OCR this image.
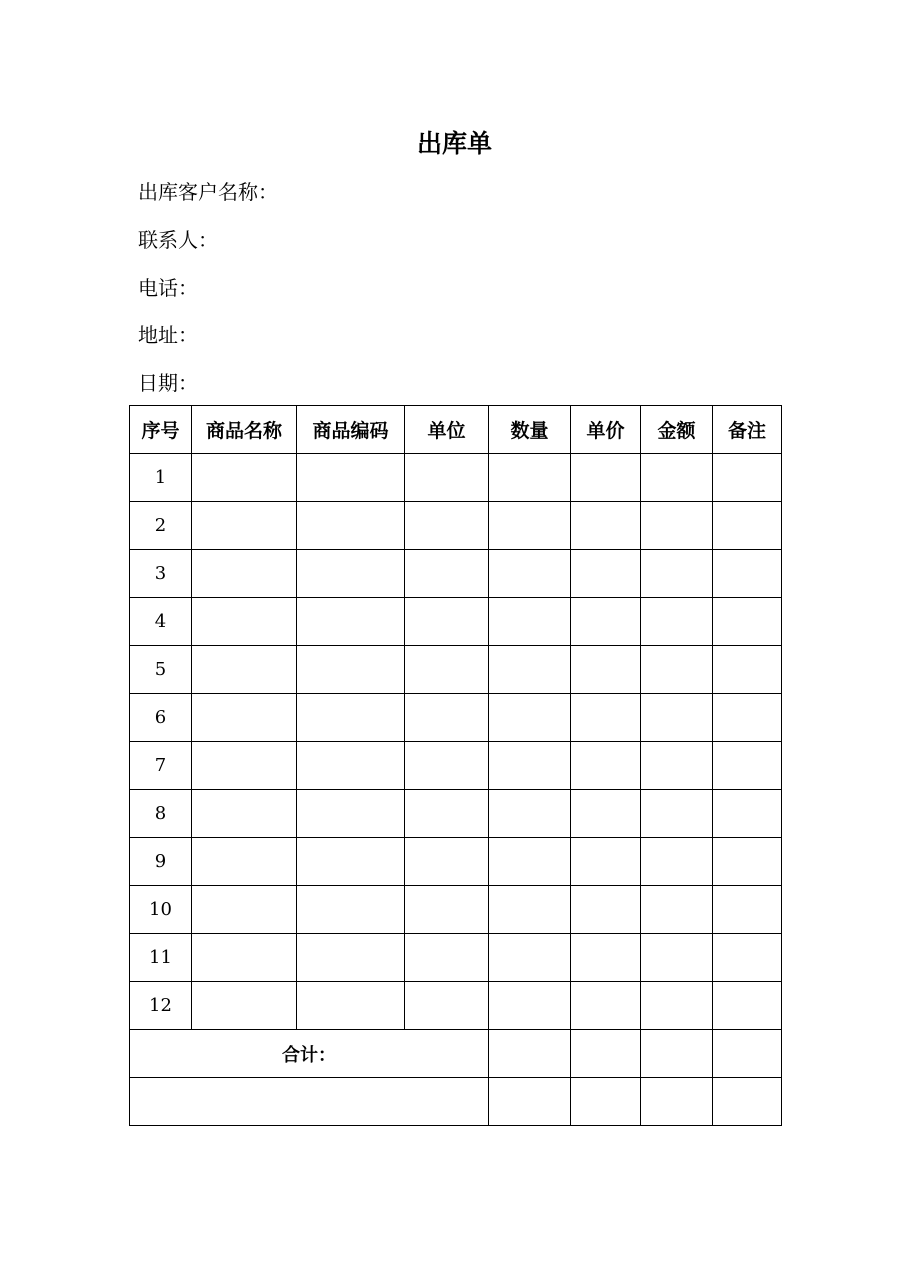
出库单
出库客户名称：
联系人：
电话：
地址：
日期：
序号	商品名称	商品编码	单位	数量	单价	金额	备注
1							
2							
3							
4							
5							
6							
7							
8							
9							
10							
11							
12							
合计：							
